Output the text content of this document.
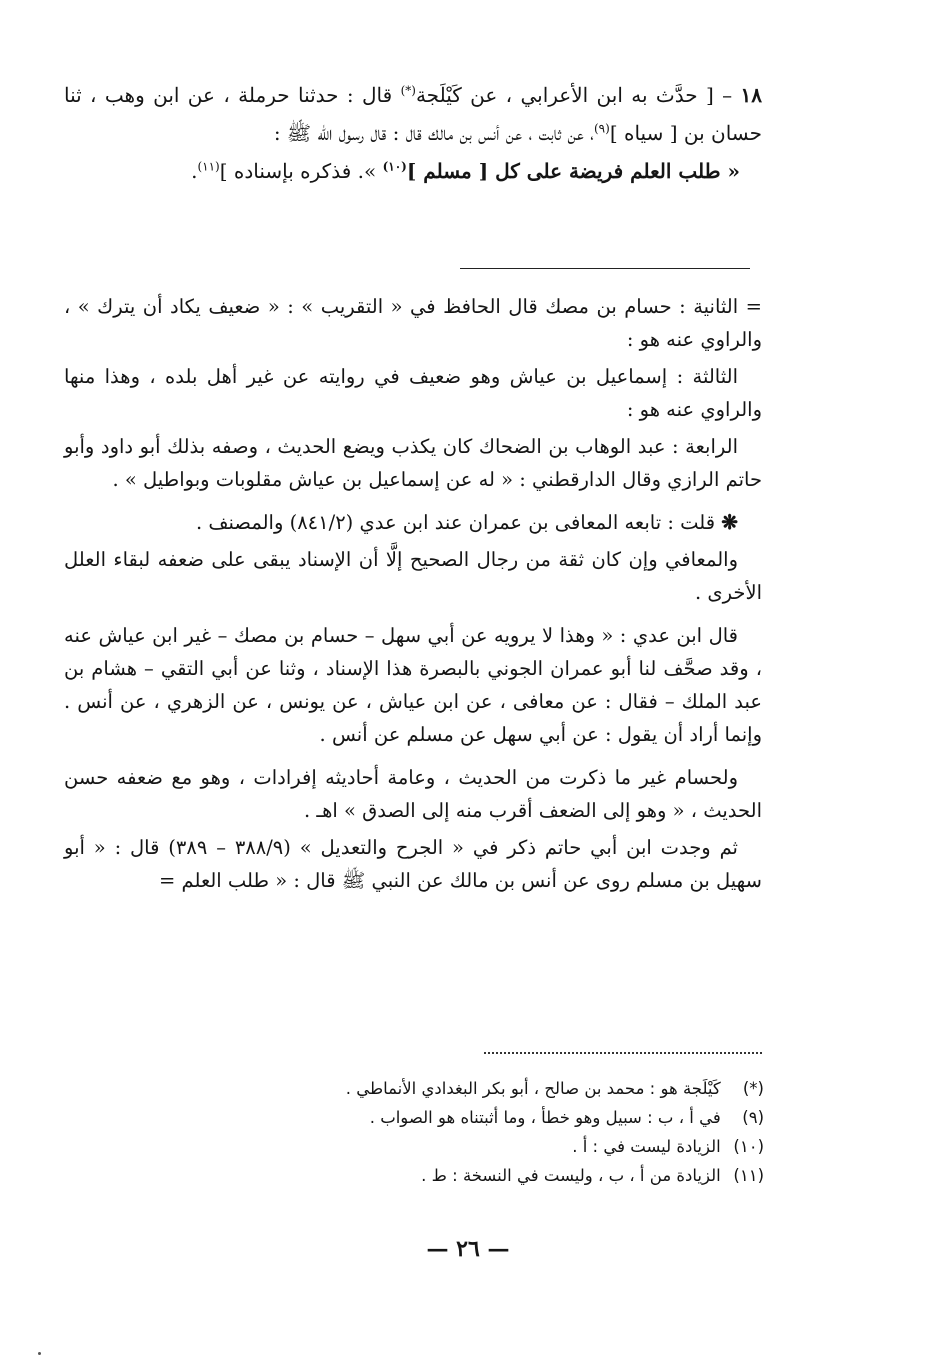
١٨ – [ حدَّث به ابن الأعرابي ، عن كَيْلَجة(*) قال : حدثنا حرملة ، عن ابن وهب ، ثنا حسان بن [ سياه ]$^{(٩)}$، عن ثابت ، عن أنس بن مالك قال : قال رسول الله ﷺ :
« طلب العلم فريضة على كل [ مسلم ]$^{(١٠)}$ ». فذكره بإسناده ]$^{(١١)}$.

= الثانية : حسام بن مصك قال الحافظ في « التقريب » : « ضعيف يكاد أن يترك » ، والراوي عنه هو :

الثالثة : إسماعيل بن عياش وهو ضعيف في روايته عن غير أهل بلده ، وهذا منها والراوي عنه هو :

الرابعة : عبد الوهاب بن الضحاك كان يكذب ويضع الحديث ، وصفه بذلك أبو داود وأبو حاتم الرازي وقال الدارقطني : « له عن إسماعيل بن عياش مقلوبات وبواطيل » .

❋ قلت : تابعه المعافى بن عمران عند ابن عدي (٨٤١/٢) والمصنف .

والمعافي وإن كان ثقة من رجال الصحيح إلَّا أن الإسناد يبقى على ضعفه لبقاء العلل الأخرى .

قال ابن عدي : « وهذا لا يرويه عن أبي سهل – حسام بن مصك – غير ابن عياش عنه ، وقد صحَّف لنا أبو عمران الجوني بالبصرة هذا الإسناد ، وثنا عن أبي التقي – هشام بن عبد الملك – فقال : عن معافى ، عن ابن عياش ، عن يونس ، عن الزهري ، عن أنس . وإنما أراد أن يقول : عن أبي سهل عن مسلم عن أنس .

ولحسام غير ما ذكرت من الحديث ، وعامة أحاديثه إفرادات ، وهو مع ضعفه حسن الحديث ، « وهو إلى الضعف أقرب منه إلى الصدق » اهـ .

ثم وجدت ابن أبي حاتم ذكر في « الجرح والتعديل » (٣٨٨/٩ – ٣٨٩) قال : « أبو سهيل بن مسلم روى عن أنس بن مالك عن النبي ﷺ قال : « طلب العلم =

(*) كَيْلَجة هو : محمد بن صالح ، أبو بكر البغدادي الأنماطي .
(٩) في أ ، ب : سبيل وهو خطأ ، وما أثبتناه هو الصواب .
(١٠) الزيادة ليست في : أ .
(١١) الزيادة من أ ، ب ، وليست في النسخة : ط .
— ٢٦ —
